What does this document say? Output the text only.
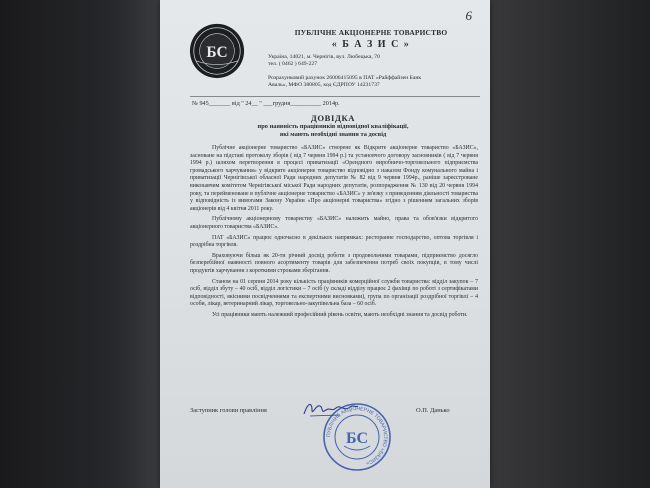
6
БС
ПУБЛІЧНЕ АКЦІОНЕРНЕ ТОВАРИСТВО
« Б А З И С »
Україна, 14021, м. Чернігів, вул. Любецька, 70
тел. ( 0462 ) 649-227
Розрахунковий рахунок 26006415095 в ПАТ «Райффайзен Банк
Аваль», МФО 380805, код ЄДРПОУ 14231737
№ 945_______ від " 24__ " ___грудня__________ 2014р.
ДОВІДКА
про наявність працівників відповідної кваліфікації,
які мають необхідні знання та досвід

Публічне акціонерне товариство «БАЗИС» створене як Відкрите акціонерне товариство «БАЗИС», засноване на підставі протоколу зборів ( від 7 червня 1994 р.) та установчого договору засновників ( від 7 червня 1994 р.) шляхом перетворення в процесі приватизації «Орендного виробничо-торговельного підприємства громадського харчування» у відкрите акціонерне товариство відповідно з наказом Фонду комунального майна і приватизації Чернігівської обласної Ради народних депутатів № 82 від 9 червня 1994р., раніше зареєстроване виконавчим комітетом Чернігівської міської Ради народних депутатів, розпорядження № 130 від 20 червня 1994 року, та перейменоване в публічне акціонерне товариство «БАЗИС» у зв'язку з приведенням діяльності товариства у відповідність із вимогами Закону України «Про акціонерні товариства» згідно з рішенням загальних зборів акціонерів від 4 квітня 2011 року.

Публічному акціонерному товариству «БАЗИС» належить майно, права та обов'язки відкритого акціонерного товариства «БАЗИС».

ПАТ «БАЗИС» працює одночасно в декількох напрямках: ресторанне господарство, оптова торгівля і роздрібна торгівля.

Враховуючи більш як 20-ти річний досвід роботи з продовольчими товарами, підприємство досягло безперебійної наявності повного асортименту товарів для забезпечення потреб своїх покупців, в тому числі продуктів харчування з короткими строками зберігання.

Станом на 01 серпня 2014 року кількість працівників комерційної служби товариства: відділ закупок – 7 осіб, відділ збуту – 40 осіб, відділ логістики – 7 осіб (у складі відділу працює 2 фахівці по роботі з сертифікатами відповідності, якісними посвідченнями та експертними висновками), група по організації роздрібної торгівлі – 4 особи, лікар, ветеринарний лікар, торговельно-закупівельна база – 60 осіб.

Усі працівники мають належний професійний рівень освіти, мають необхідні знання та досвід роботи.

Заступник голови правління	О.П. Данько
ПУБЛІЧНЕ АКЦІОНЕРНЕ ТОВАРИСТВО «БАЗИС»
БС
